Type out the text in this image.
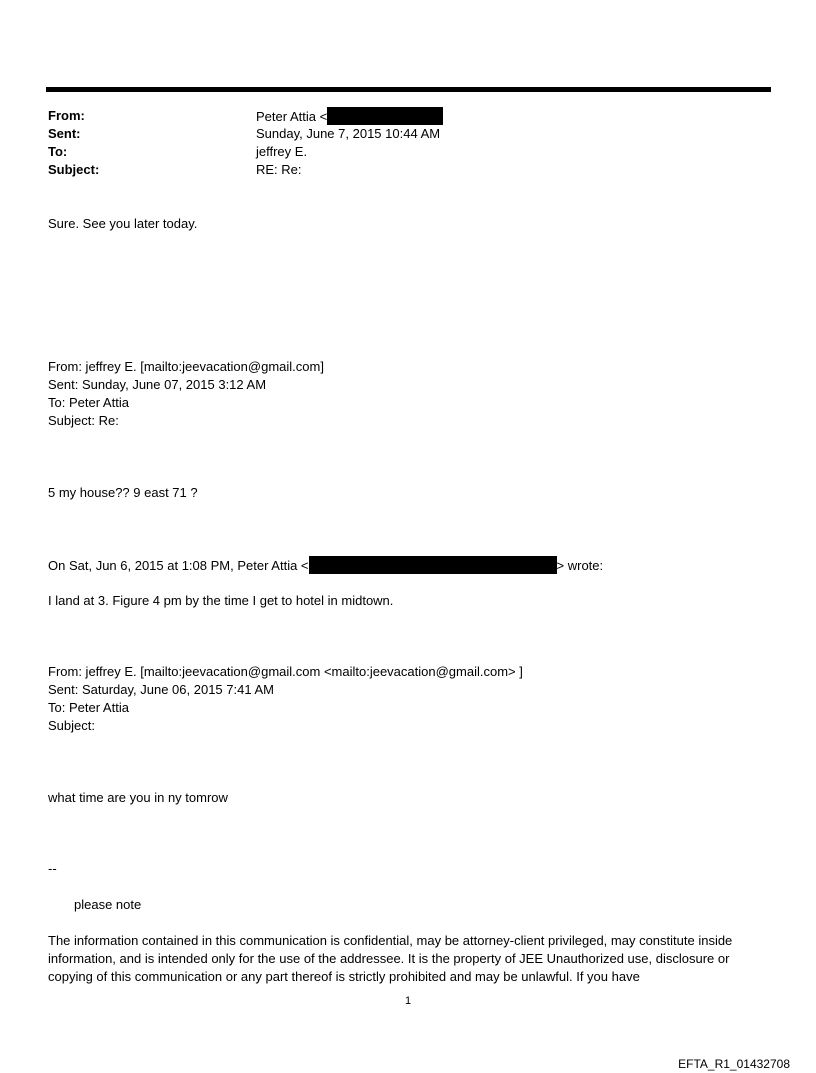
From:	Peter Attia <
Sent:	Sunday, June 7, 2015 10:44 AM
To:	jeffrey E.
Subject:	RE: Re:
Sure. See you later today.
From: jeffrey E. [mailto:jeevacation@gmail.com]
Sent: Sunday, June 07, 2015 3:12 AM
To: Peter Attia
Subject: Re:
5 my house?? 9 east 71 ?
On Sat, Jun 6, 2015 at 1:08 PM, Peter Attia <	> wrote:
I land at 3. Figure 4 pm by the time I get to hotel in midtown.
From: jeffrey E. [mailto:jeevacation@gmail.com <mailto:jeevacation@gmail.com> ]
Sent: Saturday, June 06, 2015 7:41 AM
To: Peter Attia
Subject:
what time are you in ny tomrow
--
please note
The information contained in this communication is confidential, may be attorney-client privileged, may constitute inside information, and is intended only for the use of the addressee. It is the property of JEE Unauthorized use, disclosure or copying of this communication or any part thereof is strictly prohibited and may be unlawful. If you have
1
EFTA_R1_01432708
